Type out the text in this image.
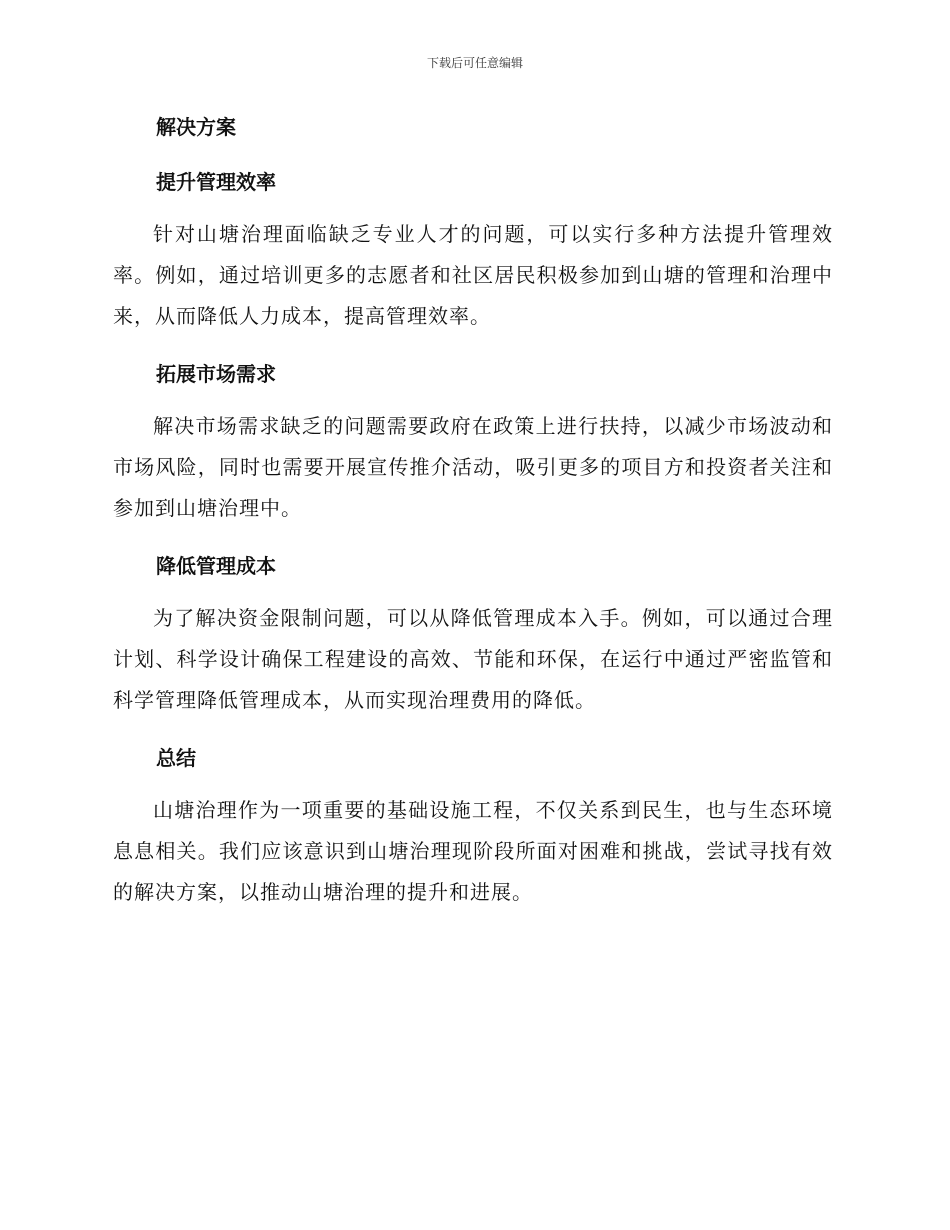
下载后可任意编辑
解决方案
提升管理效率

针对山塘治理面临缺乏专业人才的问题，可以实行多种方法提升管理效率。例如，通过培训更多的志愿者和社区居民积极参加到山塘的管理和治理中来，从而降低人力成本，提高管理效率。

拓展市场需求

解决市场需求缺乏的问题需要政府在政策上进行扶持，以减少市场波动和市场风险，同时也需要开展宣传推介活动，吸引更多的项目方和投资者关注和参加到山塘治理中。

降低管理成本

为了解决资金限制问题，可以从降低管理成本入手。例如，可以通过合理计划、科学设计确保工程建设的高效、节能和环保，在运行中通过严密监管和科学管理降低管理成本，从而实现治理费用的降低。

总结

山塘治理作为一项重要的基础设施工程，不仅关系到民生，也与生态环境息息相关。我们应该意识到山塘治理现阶段所面对困难和挑战，尝试寻找有效的解决方案，以推动山塘治理的提升和进展。
